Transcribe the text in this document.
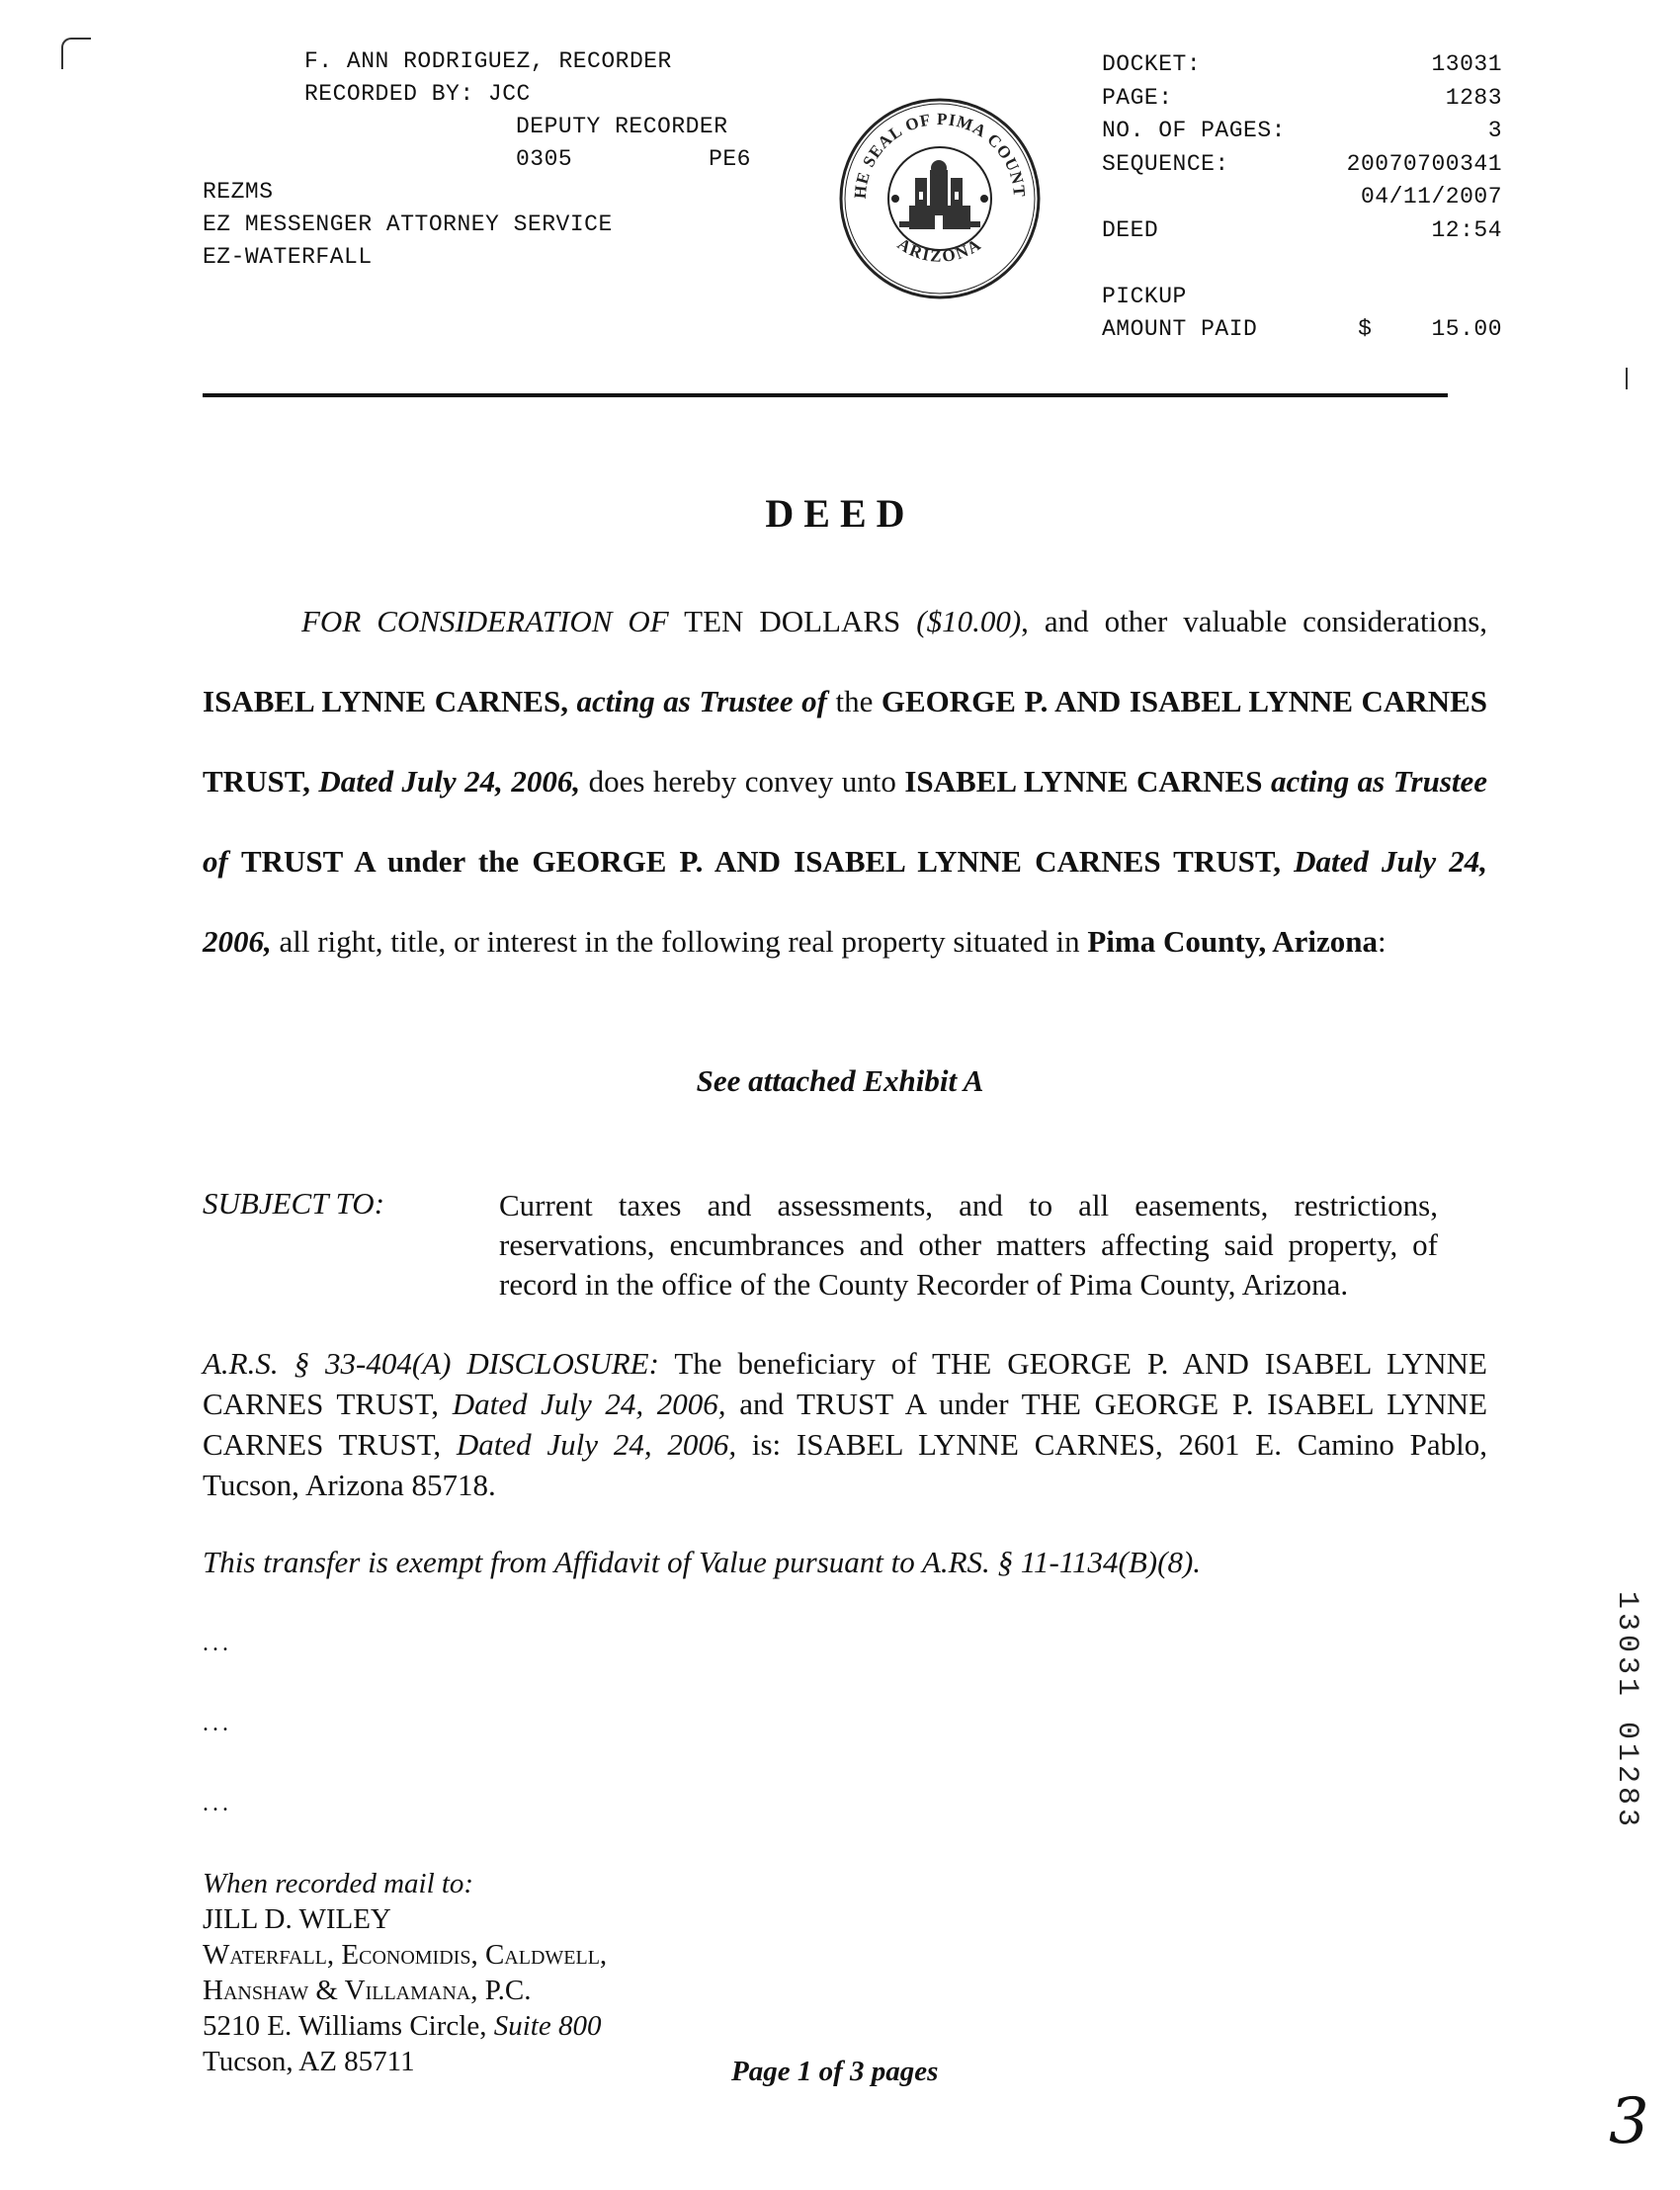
F. ANN RODRIGUEZ, RECORDER
RECORDED BY: JCC
DEPUTY RECORDER
0305	PE6
REZMS
EZ MESSENGER ATTORNEY SERVICE
EZ-WATERFALL
HE SEAL OF PIMA COUNT
ARIZONA
DOCKET:	13031
PAGE:	1283
NO. OF PAGES:	3
SEQUENCE:	20070700341
04/11/2007
DEED	12:54
PICKUP
AMOUNT PAID	$	15.00
DEED

FOR CONSIDERATION OF TEN DOLLARS ($10.00), and other valuable considerations, ISABEL LYNNE CARNES, acting as Trustee of the GEORGE P. AND ISABEL LYNNE CARNES TRUST, Dated July 24, 2006, does hereby convey unto ISABEL LYNNE CARNES acting as Trustee of TRUST A under the GEORGE P. AND ISABEL LYNNE CARNES TRUST, Dated July 24, 2006, all right, title, or interest in the following real property situated in Pima County, Arizona:

See attached Exhibit A
SUBJECT TO:	Current taxes and assessments, and to all easements, restrictions, reservations, encumbrances and other matters affecting said property, of record in the office of the County Recorder of Pima County, Arizona.
A.R.S. § 33-404(A) DISCLOSURE: The beneficiary of THE GEORGE P. AND ISABEL LYNNE CARNES TRUST, Dated July 24, 2006, and TRUST A under THE GEORGE P. ISABEL LYNNE CARNES TRUST, Dated July 24, 2006, is: ISABEL LYNNE CARNES, 2601 E. Camino Pablo, Tucson, Arizona 85718.
This transfer is exempt from Affidavit of Value pursuant to A.RS. § 11-1134(B)(8).
...
...
...
When recorded mail to:
JILL D. WILEY
Waterfall, Economidis, Caldwell,
Hanshaw & Villamana, P.C.
5210 E. Williams Circle, Suite 800
Tucson, AZ 85711	Page 1 of 3 pages
13031 01283
3
